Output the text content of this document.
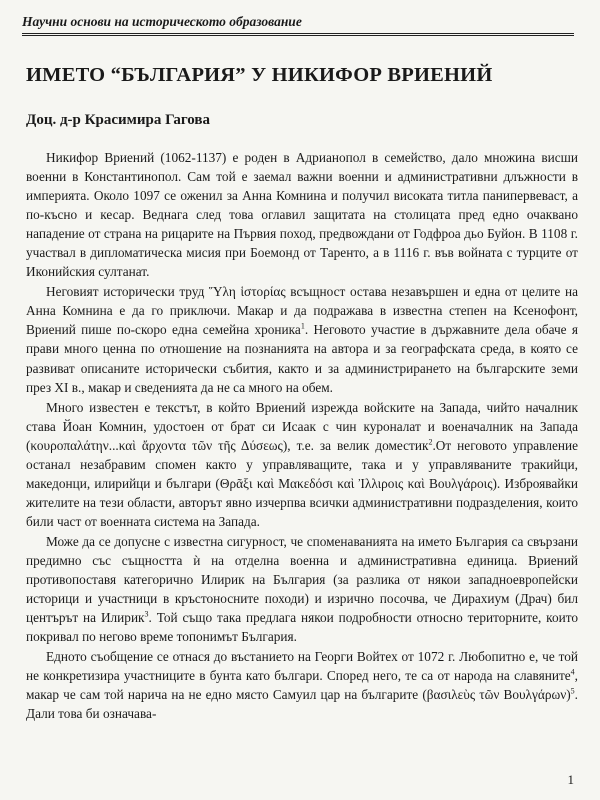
Научни основи на историческото образование
ИМЕТО “БЪЛГАРИЯ” У НИКИФОР ВРИЕНИЙ
Доц. д-р Красимира Гагова

Никифор Вриений (1062-1137) е роден в Адрианопол в семейство, дало множина висши военни в Константинопол. Сам той е заемал важни военни и административни длъжности в империята. Около 1097 се оженил за Анна Комнина и получил високата титла панипервеваст, а по-късно и кесар. Веднага след това оглавил защитата на столицата пред едно очаквано нападение от страна на рицарите на Първия поход, предвождани от Годфроа дьо Буйон. В 1108 г. участвал в дипломатическа мисия при Боемонд от Таренто, а в 1116 г. във войната с турците от Иконийския султанат.

Неговият исторически труд Ὕλη ἱστορίας всъщност остава незавършен и една от целите на Анна Комнина е да го приключи. Макар и да подражава в известна степен на Ксенофонт, Вриений пише по-скоро една семейна хроника$^1$. Неговото участие в държавните дела обаче я прави много ценна по отношение на познанията на автора и за географската среда, в която се развиват описаните исторически събития, както и за администрирането на българските земи през XI в., макар и сведенията да не са много на обем.

Много известен е текстът, в който Вриений изрежда войските на Запада, чийто началник става Йоан Комнин, удостоен от брат си Исаак с чин куроналат и военачалник на Запада (κουροπαλάτην...καὶ ἄρχοντα τῶν τῆς Δύσεως), т.е. за велик доместик$^2$.От неговото управление останал незабравим спомен както у управляващите, така и у управляваните тракийци, македонци, илирийци и българи (Θρᾶξι καὶ Μακεδόσι καὶ Ἰλλιροις καὶ Βουλγάροις). Изброявайки жителите на тези области, авторът явно изчерпва всички административни подразделения, които били част от военната система на Запада.

Може да се допусне с известна сигурност, че споменаванията на името България са свързани предимно със същността ѝ на отделна военна и административна единица. Вриений противопоставя категорично Илирик на България (за разлика от някои западноевропейски историци и участници в кръстоносните походи) и изрично посочва, че Дирахиум (Драч) бил центърът на Илирик$^3$. Той също така предлага някои подробности относно територните, които покривал по негово време топонимът България.

Едното съобщение се отнася до въстанието на Георги Войтех от 1072 г. Любопитно е, че той не конкретизира участниците в бунта като българи. Според него, те са от народа на славяните$^4$, макар че сам той нарича на не едно място Самуил цар на българите (βασιλεὺς τῶν Βουλγάρων)$^5$. Дали това би означава-

1
